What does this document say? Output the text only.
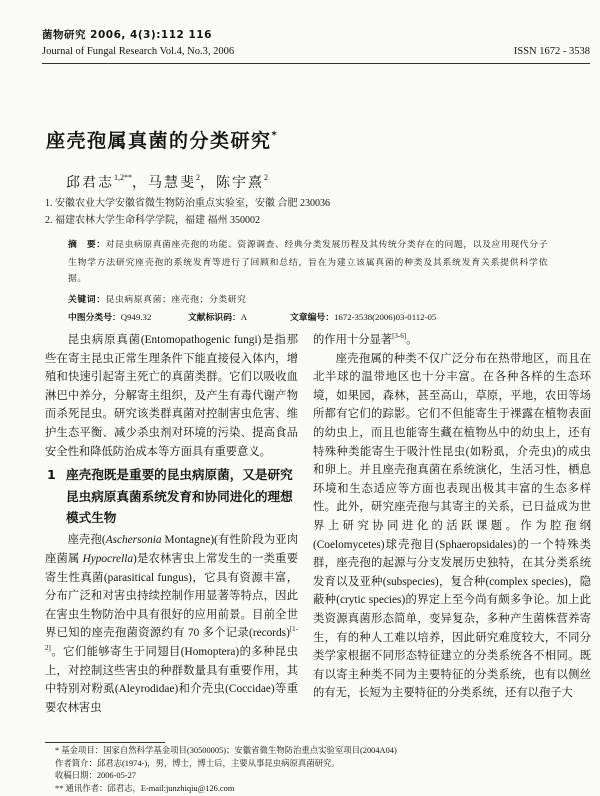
菌物研究 2006, 4(3):112 116
Journal of Fungal Research Vol.4, No.3, 2006	ISSN 1672 - 3538
座壳孢属真菌的分类研究*
邱君志$^{1,2**}$，马慧斐$^2$，陈宇熹$^2$
1. 安徽农业大学安徽省微生物防治重点实验室，安徽 合肥 230036
2. 福建农林大学生命科学学院，福建 福州 350002
摘　要：对昆虫病原真菌座壳孢的功能、资源调查、经典分类发展历程及其传统分类存在的问题，以及应用现代分子生物学方法研究座壳孢的系统发育等进行了回顾和总结，旨在为建立该属真菌的种类及其系统发育关系提供科学依据。
关键词：昆虫病原真菌；座壳孢；分类研究
中图分类号：Q949.32	文献标识码：A	文章编号：1672-3538(2006)03-0112-05

昆虫病原真菌(Entomopathogenic fungi)是指那些在寄主昆虫正常生理条件下能直接侵入体内，增殖和快速引起寄主死亡的真菌类群。它们以吸收血淋巴中养分，分解寄主组织，及产生有毒代谢产物而杀死昆虫。研究该类群真菌对控制害虫危害、维护生态平衡、减少杀虫剂对环境的污染、提高食品安全性和降低防治成本等方面具有重要意义。

1 座壳孢既是重要的昆虫病原菌，又是研究昆虫病原真菌系统发育和协同进化的理想模式生物

座壳孢(Aschersonia Montagne)(有性阶段为亚肉座菌属 Hypocrella)是农林害虫上常发生的一类重要寄生性真菌(parasitical fungus)，它具有资源丰富，分布广泛和对害虫持续控制作用显著等特点，因此在害虫生物防治中具有很好的应用前景。目前全世界已知的座壳孢菌资源约有 70 多个记录(records)[1-2]。它们能够寄生于同翅目(Homoptera)的多种昆虫上，对控制这些害虫的种群数量具有重要作用，其中特别对粉虱(Aleyrodidae)和介壳虫(Coccidae)等重要农林害虫

的作用十分显著[3-6]。

座壳孢属的种类不仅广泛分布在热带地区，而且在北半球的温带地区也十分丰富。在各种各样的生态环境，如果园，森林，甚至高山，草原，平地，农田等场所都有它们的踪影。它们不但能寄生于裸露在植物表面的幼虫上，而且也能寄生藏在植物丛中的幼虫上，还有特殊种类能寄生于吸汁性昆虫(如粉虱，介壳虫)的成虫和卵上。并且座壳孢真菌在系统演化，生活习性，栖息环境和生态适应等方面也表现出极其丰富的生态多样性。此外，研究座壳孢与其寄主的关系，已日益成为世界上研究协同进化的活跃课题。作为腔孢纲(Coelomycetes)球壳孢目(Sphaeropsidales)的一个特殊类群，座壳孢的起源与分支发展历史独特，在其分类系统发育以及亚种(subspecies)，复合种(complex species)，隐蔽种(crytic species)的界定上至今尚有颇多争论。加上此类资源真菌形态简单，变异复杂，多种产生菌株营养寄生，有的种人工难以培养，因此研究难度较大，不同分类学家根据不同形态特征建立的分类系统各不相同。既有以寄主种类不同为主要特征的分类系统，也有以侧丝的有无，长短为主要特征的分类系统，还有以孢子大

* 基金项目：国家自然科学基金项目(30500005)；安徽省微生物防治重点实验室项目(2004A04)
作者简介：邱君志(1974-)，男，博士，博士后，主要从事昆虫病原真菌研究。
收稿日期：2006-05-27
** 通讯作者：邱君志，E-mail:junzhiqiu@126.com
